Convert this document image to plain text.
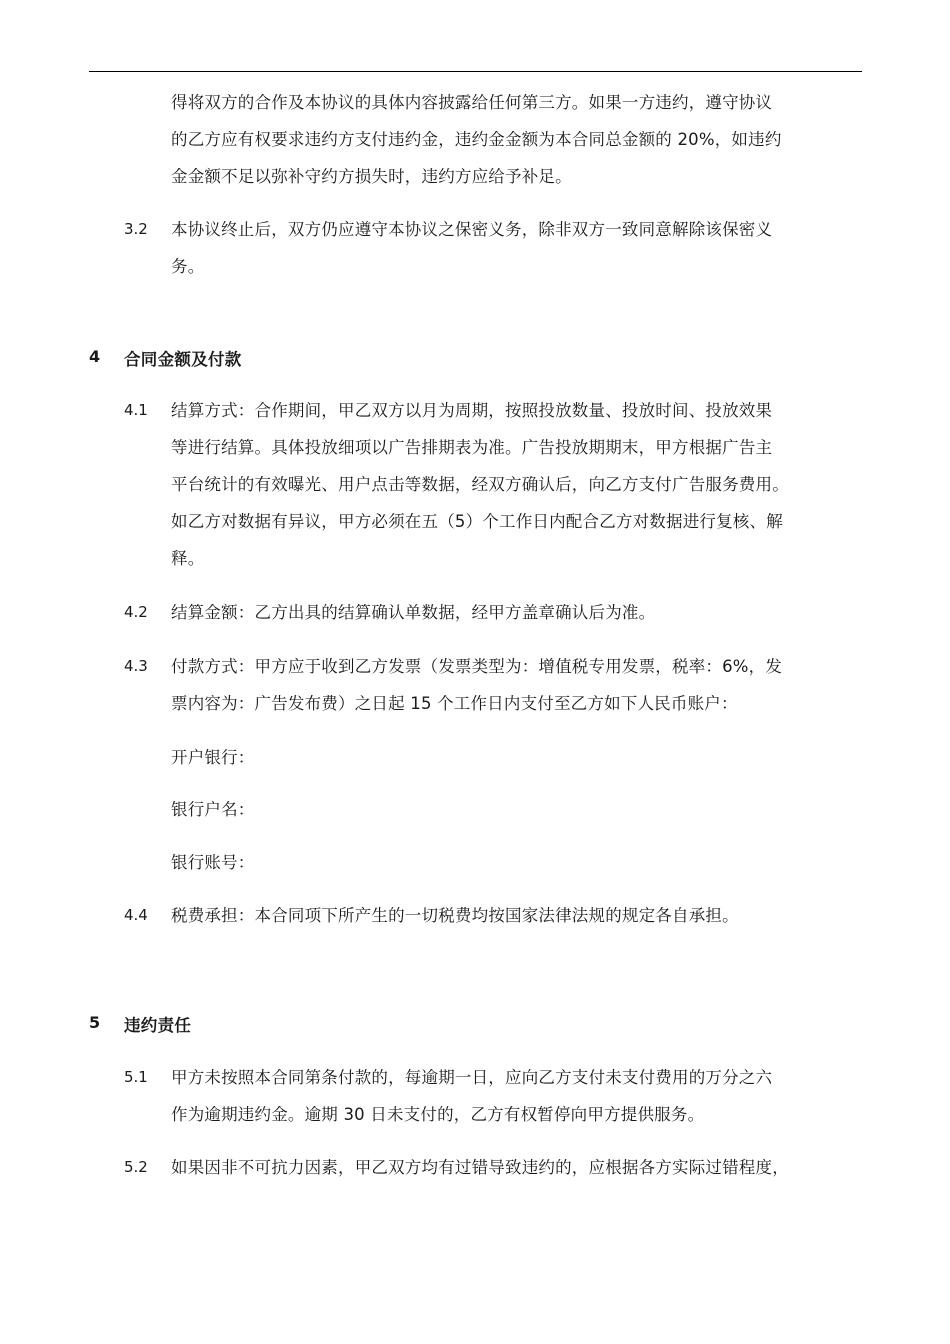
得将双方的合作及本协议的具体内容披露给任何第三方。如果一方违约，遵守协议
的乙方应有权要求违约方支付违约金，违约金金额为本合同总金额的 20%，如违约
金金额不足以弥补守约方损失时，违约方应给予补足。
3.2 本协议终止后，双方仍应遵守本协议之保密义务，除非双方一致同意解除该保密义
务。
4 合同金额及付款
4.1 结算方式：合作期间，甲乙双方以月为周期，按照投放数量、投放时间、投放效果
等进行结算。具体投放细项以广告排期表为准。广告投放期期末，甲方根据广告主
平台统计的有效曝光、用户点击等数据，经双方确认后，向乙方支付广告服务费用。
如乙方对数据有异议，甲方必须在五（5）个工作日内配合乙方对数据进行复核、解
释。
4.2 结算金额：乙方出具的结算确认单数据，经甲方盖章确认后为准。
4.3 付款方式：甲方应于收到乙方发票（发票类型为：增值税专用发票，税率：6%，发
票内容为：广告发布费）之日起 15 个工作日内支付至乙方如下人民币账户：
开户银行：
银行户名：
银行账号：
4.4 税费承担：本合同项下所产生的一切税费均按国家法律法规的规定各自承担。
5 违约责任
5.1 甲方未按照本合同第条付款的，每逾期一日，应向乙方支付未支付费用的万分之六
作为逾期违约金。逾期 30 日未支付的，乙方有权暂停向甲方提供服务。
5.2 如果因非不可抗力因素，甲乙双方均有过错导致违约的，应根据各方实际过错程度，
